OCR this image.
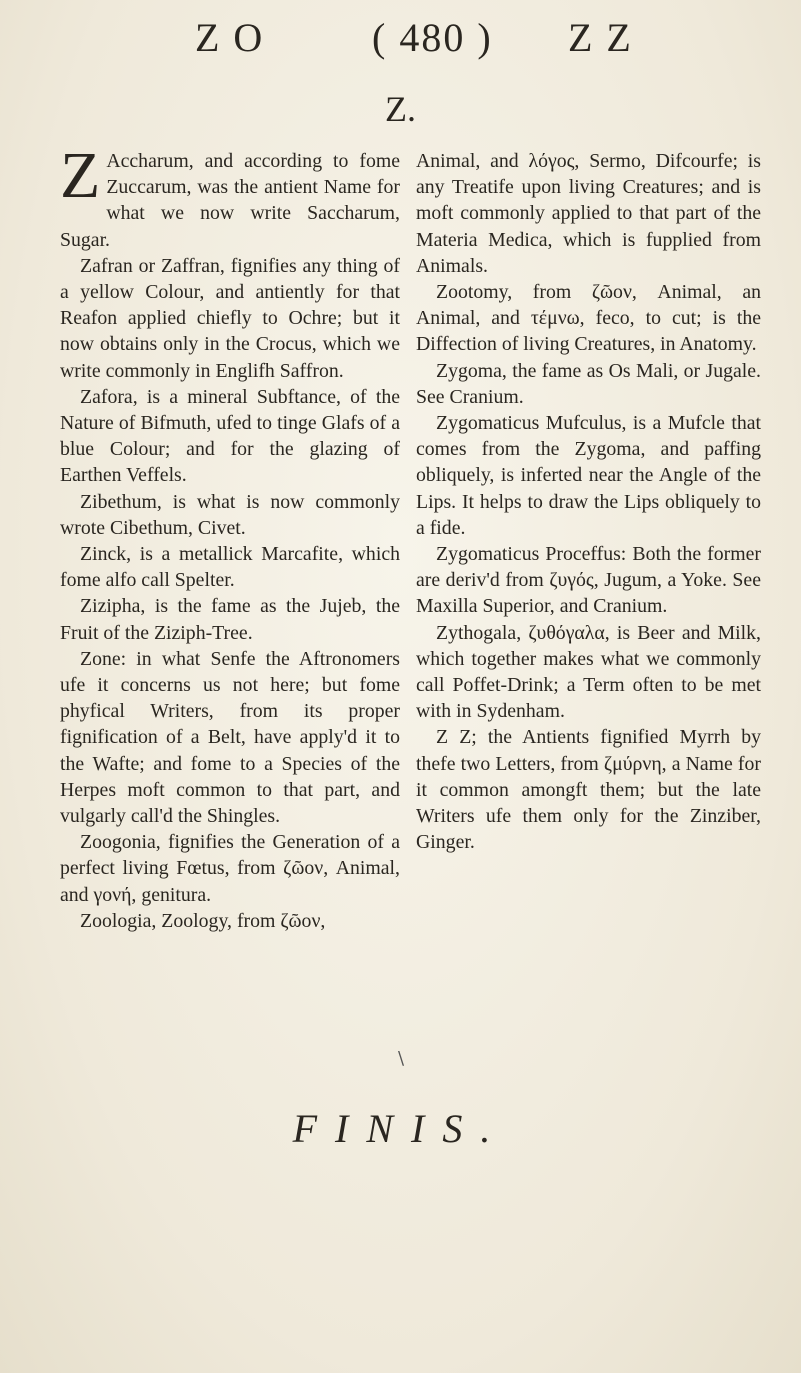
Z O	( 480 ) Z Z
Z.

Z Accharum, and according to fome Zuccarum, was the antient Name for what we now write Saccharum, Sugar.

Zafran or Zaffran, fignifies any thing of a yellow Colour, and antiently for that Reafon applied chiefly to Ochre; but it now obtains only in the Crocus, which we write commonly in Englifh Saffron.

Zafora, is a mineral Subftance, of the Nature of Bifmuth, ufed to tinge Glafs of a blue Colour; and for the glazing of Earthen Veffels.

Zibethum, is what is now commonly wrote Cibethum, Civet.

Zinck, is a metallick Marcafite, which fome alfo call Spelter.

Zizipha, is the fame as the Jujeb, the Fruit of the Ziziph-Tree.

Zone: in what Senfe the Aftronomers ufe it concerns us not here; but fome phyfical Writers, from its proper fignification of a Belt, have apply'd it to the Wafte; and fome to a Species of the Herpes moft common to that part, and vulgarly call'd the Shingles.

Zoogonia, fignifies the Generation of a perfect living Fœtus, from ζῶον, Animal, and γονή, genitura.

Zoologia, Zoology, from ζῶον,

Animal, and λόγος, Sermo, Difcourfe; is any Treatife upon living Creatures; and is moft commonly applied to that part of the Materia Medica, which is fupplied from Animals.

Zootomy, from ζῶον, Animal, an Animal, and τέμνω, feco, to cut; is the Diffection of living Creatures, in Anatomy.

Zygoma, the fame as Os Mali, or Jugale. See Cranium.

Zygomaticus Mufculus, is a Mufcle that comes from the Zygoma, and paffing obliquely, is inferted near the Angle of the Lips. It helps to draw the Lips obliquely to a fide.

Zygomaticus Proceffus: Both the former are deriv'd from ζυγός, Jugum, a Yoke. See Maxilla Superior, and Cranium.

Zythogala, ζυθόγαλα, is Beer and Milk, which together makes what we commonly call Poffet-Drink; a Term often to be met with in Sydenham.

Z Z; the Antients fignified Myrrh by thefe two Letters, from ζμύρνη, a Name for it common amongft them; but the late Writers ufe them only for the Zinziber, Ginger.

\
FINIS.
